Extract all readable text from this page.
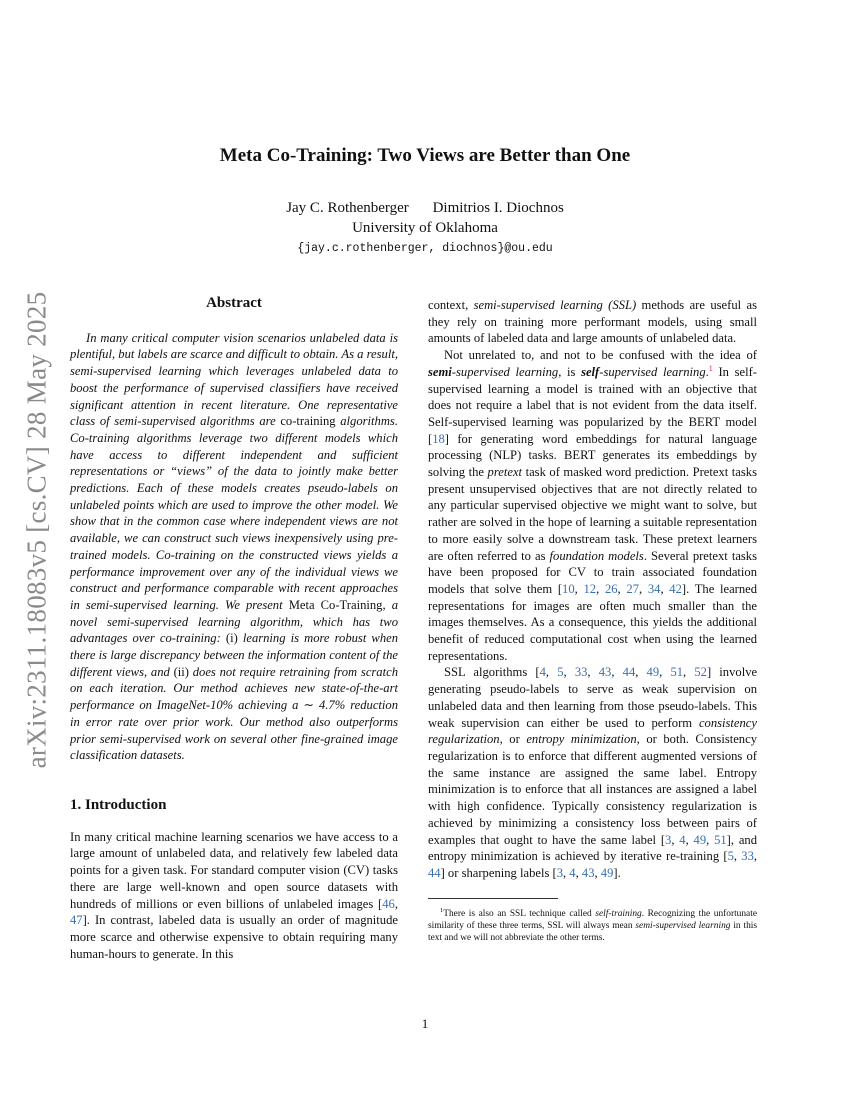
arXiv:2311.18083v5 [cs.CV] 28 May 2025
Meta Co-Training: Two Views are Better than One
Jay C. Rothenberger Dimitrios I. Diochnos
University of Oklahoma
{jay.c.rothenberger, diochnos}@ou.edu
Abstract

In many critical computer vision scenarios unlabeled data is plentiful, but labels are scarce and difficult to obtain. As a result, semi-supervised learning which leverages unlabeled data to boost the performance of supervised classifiers have received significant attention in recent literature. One representative class of semi-supervised algorithms are co-training algorithms. Co-training algorithms leverage two different models which have access to different independent and sufficient representations or “views” of the data to jointly make better predictions. Each of these models creates pseudo-labels on unlabeled points which are used to improve the other model. We show that in the common case where independent views are not available, we can construct such views inexpensively using pre-trained models. Co-training on the constructed views yields a performance improvement over any of the individual views we construct and performance comparable with recent approaches in semi-supervised learning. We present Meta Co-Training, a novel semi-supervised learning algorithm, which has two advantages over co-training: (i) learning is more robust when there is large discrepancy between the information content of the different views, and (ii) does not require retraining from scratch on each iteration. Our method achieves new state-of-the-art performance on ImageNet-10% achieving a ∼ 4.7% reduction in error rate over prior work. Our method also outperforms prior semi-supervised work on several other fine-grained image classification datasets.

1. Introduction

In many critical machine learning scenarios we have access to a large amount of unlabeled data, and relatively few labeled data points for a given task. For standard computer vision (CV) tasks there are large well-known and open source datasets with hundreds of millions or even billions of unlabeled images [46, 47]. In contrast, labeled data is usually an order of magnitude more scarce and otherwise expensive to obtain requiring many human-hours to generate. In this

context, semi-supervised learning (SSL) methods are useful as they rely on training more performant models, using small amounts of labeled data and large amounts of unlabeled data.

Not unrelated to, and not to be confused with the idea of semi-supervised learning, is self-supervised learning.$^1$ In self-supervised learning a model is trained with an objective that does not require a label that is not evident from the data itself. Self-supervised learning was popularized by the BERT model [18] for generating word embeddings for natural language processing (NLP) tasks. BERT generates its embeddings by solving the pretext task of masked word prediction. Pretext tasks present unsupervised objectives that are not directly related to any particular supervised objective we might want to solve, but rather are solved in the hope of learning a suitable representation to more easily solve a downstream task. These pretext learners are often referred to as foundation models. Several pretext tasks have been proposed for CV to train associated foundation models that solve them [10, 12, 26, 27, 34, 42]. The learned representations for images are often much smaller than the images themselves. As a consequence, this yields the additional benefit of reduced computational cost when using the learned representations.

SSL algorithms [4, 5, 33, 43, 44, 49, 51, 52] involve generating pseudo-labels to serve as weak supervision on unlabeled data and then learning from those pseudo-labels. This weak supervision can either be used to perform consistency regularization, or entropy minimization, or both. Consistency regularization is to enforce that different augmented versions of the same instance are assigned the same label. Entropy minimization is to enforce that all instances are assigned a label with high confidence. Typically consistency regularization is achieved by minimizing a consistency loss between pairs of examples that ought to have the same label [3, 4, 49, 51], and entropy minimization is achieved by iterative re-training [5, 33, 44] or sharpening labels [3, 4, 43, 49].

$^1$There is also an SSL technique called self-training. Recognizing the unfortunate similarity of these three terms, SSL will always mean semi-supervised learning in this text and we will not abbreviate the other terms.

1
